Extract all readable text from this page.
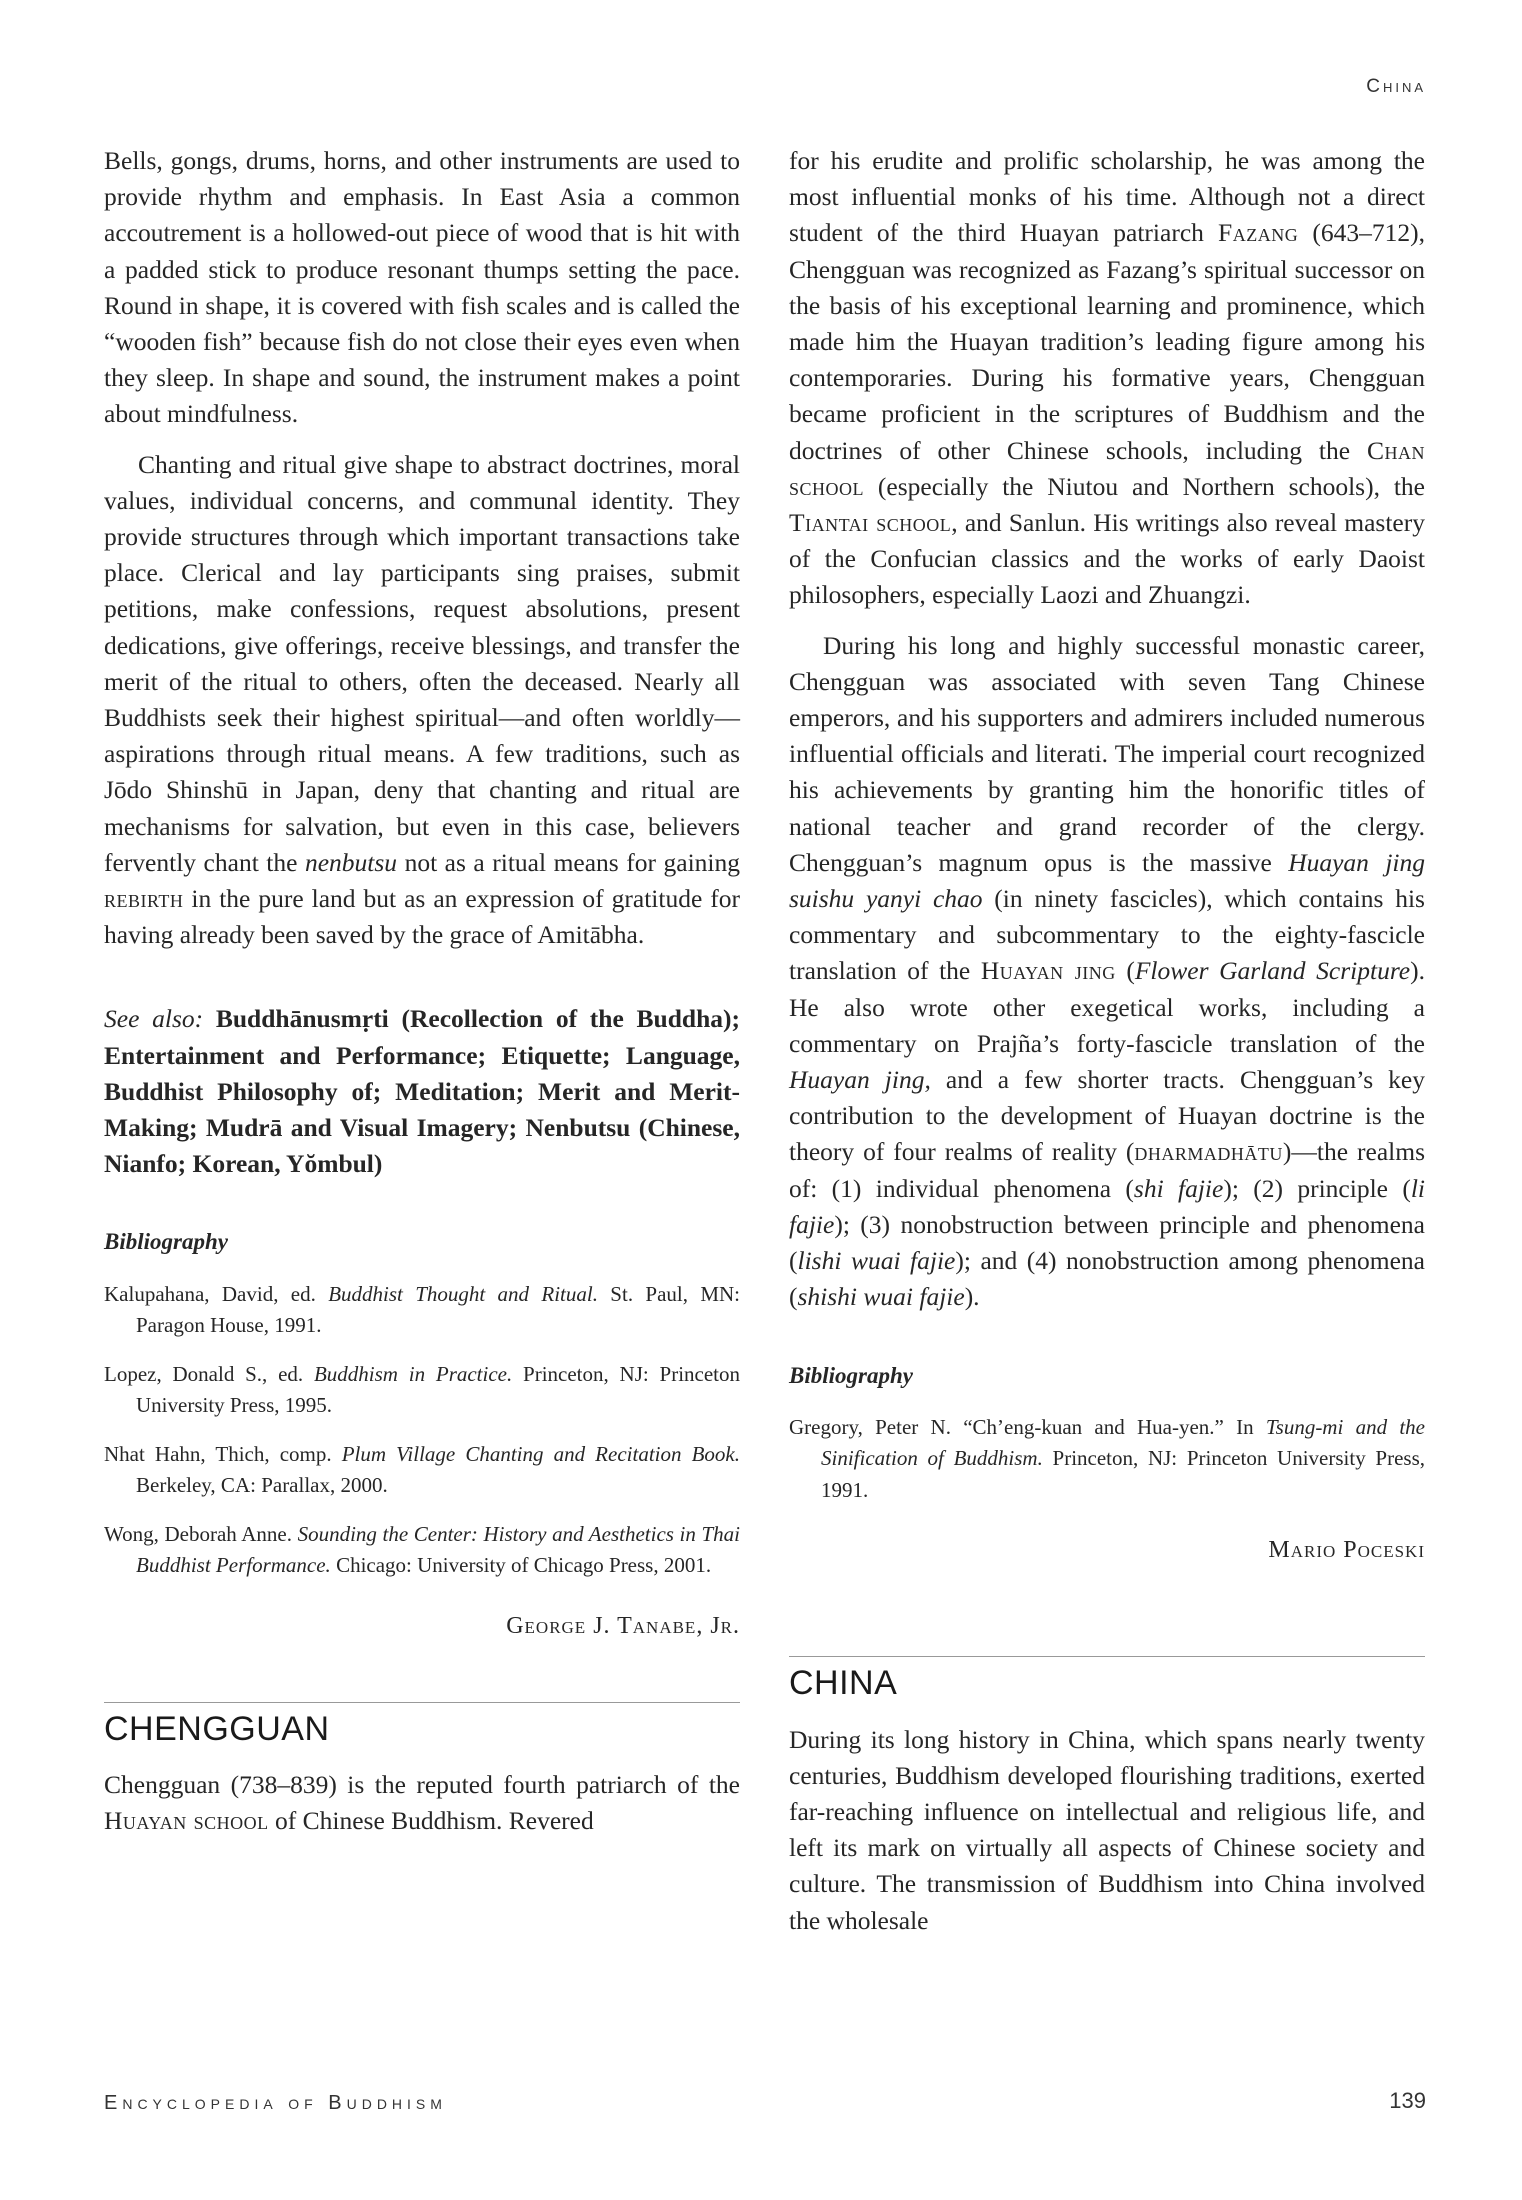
China

Bells, gongs, drums, horns, and other instruments are used to provide rhythm and emphasis. In East Asia a common accoutrement is a hollowed-out piece of wood that is hit with a padded stick to produce resonant thumps setting the pace. Round in shape, it is covered with fish scales and is called the “wooden fish” because fish do not close their eyes even when they sleep. In shape and sound, the instrument makes a point about mindfulness.

Chanting and ritual give shape to abstract doctrines, moral values, individual concerns, and communal identity. They provide structures through which important transactions take place. Clerical and lay participants sing praises, submit petitions, make confessions, request absolutions, present dedications, give offerings, receive blessings, and transfer the merit of the ritual to others, often the deceased. Nearly all Buddhists seek their highest spiritual—and often worldly—aspirations through ritual means. A few traditions, such as Jōdo Shinshū in Japan, deny that chanting and ritual are mechanisms for salvation, but even in this case, believers fervently chant the nenbutsu not as a ritual means for gaining rebirth in the pure land but as an expression of gratitude for having already been saved by the grace of Amitābha.

See also: Buddhānusmṛti (Recollection of the Buddha); Entertainment and Performance; Etiquette; Language, Buddhist Philosophy of; Meditation; Merit and Merit-Making; Mudrā and Visual Imagery; Nenbutsu (Chinese, Nianfo; Korean, Yŏmbul)

Bibliography

Kalupahana, David, ed. Buddhist Thought and Ritual. St. Paul, MN: Paragon House, 1991.

Lopez, Donald S., ed. Buddhism in Practice. Princeton, NJ: Princeton University Press, 1995.

Nhat Hahn, Thich, comp. Plum Village Chanting and Recitation Book. Berkeley, CA: Parallax, 2000.

Wong, Deborah Anne. Sounding the Center: History and Aesthetics in Thai Buddhist Performance. Chicago: University of Chicago Press, 2001.

George J. Tanabe, Jr.
CHENGGUAN

Chengguan (738–839) is the reputed fourth patriarch of the Huayan school of Chinese Buddhism. Revered

for his erudite and prolific scholarship, he was among the most influential monks of his time. Although not a direct student of the third Huayan patriarch Fazang (643–712), Chengguan was recognized as Fazang’s spiritual successor on the basis of his exceptional learning and prominence, which made him the Huayan tradition’s leading figure among his contemporaries. During his formative years, Chengguan became proficient in the scriptures of Buddhism and the doctrines of other Chinese schools, including the Chan school (especially the Niutou and Northern schools), the Tiantai school, and Sanlun. His writings also reveal mastery of the Confucian classics and the works of early Daoist philosophers, especially Laozi and Zhuangzi.

During his long and highly successful monastic career, Chengguan was associated with seven Tang Chinese emperors, and his supporters and admirers included numerous influential officials and literati. The imperial court recognized his achievements by granting him the honorific titles of national teacher and grand recorder of the clergy. Chengguan’s magnum opus is the massive Huayan jing suishu yanyi chao (in ninety fascicles), which contains his commentary and subcommentary to the eighty-fascicle translation of the Huayan jing (Flower Garland Scripture). He also wrote other exegetical works, including a commentary on Prajña’s forty-fascicle translation of the Huayan jing, and a few shorter tracts. Chengguan’s key contribution to the development of Huayan doctrine is the theory of four realms of reality (dharmadhātu)—the realms of: (1) individual phenomena (shi fajie); (2) principle (li fajie); (3) nonobstruction between principle and phenomena (lishi wuai fajie); and (4) nonobstruction among phenomena (shishi wuai fajie).

Bibliography

Gregory, Peter N. “Ch’eng-kuan and Hua-yen.” In Tsung-mi and the Sinification of Buddhism. Princeton, NJ: Princeton University Press, 1991.

Mario Poceski
CHINA

During its long history in China, which spans nearly twenty centuries, Buddhism developed flourishing traditions, exerted far-reaching influence on intellectual and religious life, and left its mark on virtually all aspects of Chinese society and culture. The transmission of Buddhism into China involved the wholesale

Encyclopedia of Buddhism	139
